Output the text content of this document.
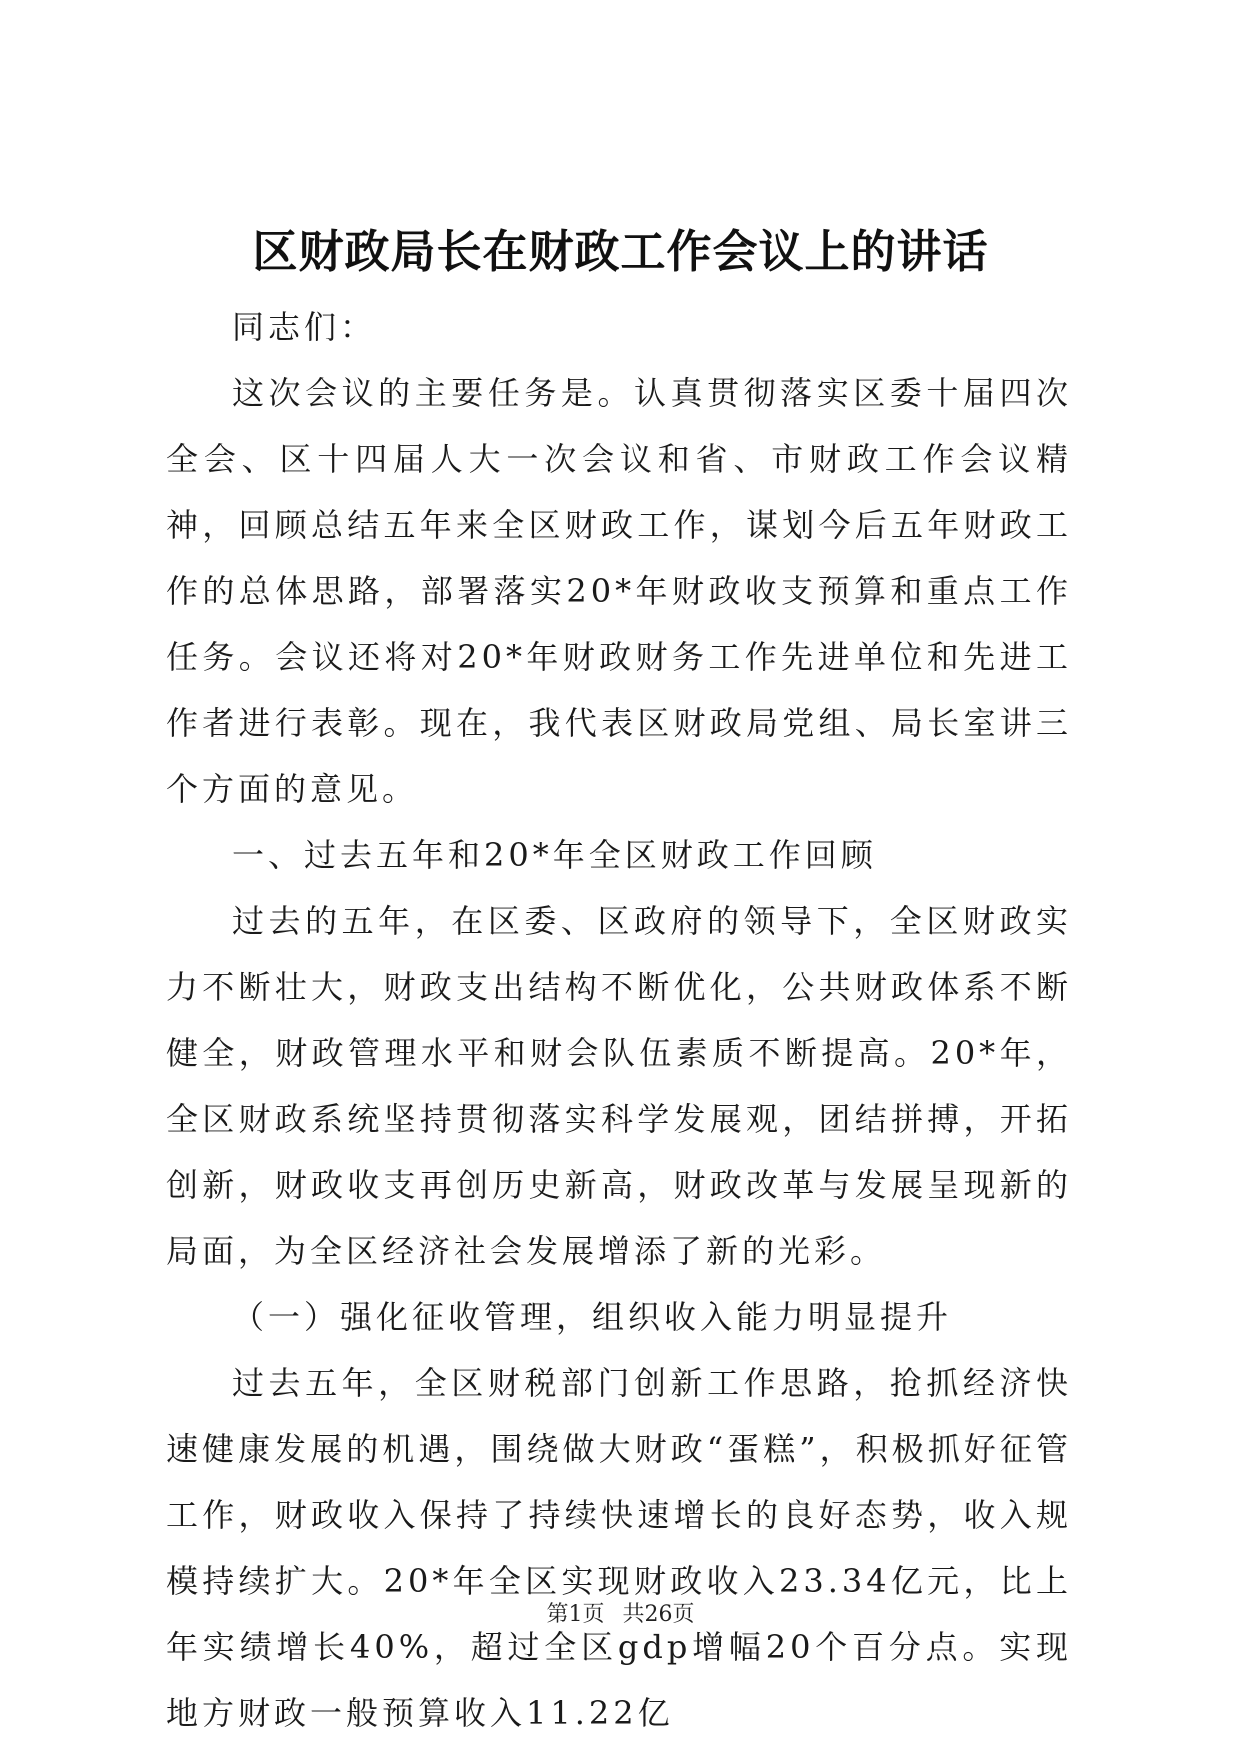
区财政局长在财政工作会议上的讲话

同志们：

这次会议的主要任务是。认真贯彻落实区委十届四次全会、区十四届人大一次会议和省、市财政工作会议精神，回顾总结五年来全区财政工作，谋划今后五年财政工作的总体思路，部署落实20*年财政收支预算和重点工作任务。会议还将对20*年财政财务工作先进单位和先进工作者进行表彰。现在，我代表区财政局党组、局长室讲三个方面的意见。

一、过去五年和20*年全区财政工作回顾

过去的五年，在区委、区政府的领导下，全区财政实力不断壮大，财政支出结构不断优化，公共财政体系不断健全，财政管理水平和财会队伍素质不断提高。20*年，全区财政系统坚持贯彻落实科学发展观，团结拼搏，开拓创新，财政收支再创历史新高，财政改革与发展呈现新的局面，为全区经济社会发展增添了新的光彩。

（一）强化征收管理，组织收入能力明显提升

过去五年，全区财税部门创新工作思路，抢抓经济快速健康发展的机遇，围绕做大财政“蛋糕”，积极抓好征管工作，财政收入保持了持续快速增长的良好态势，收入规模持续扩大。20*年全区实现财政收入23.34亿元，比上年实绩增长40%，超过全区gdp增幅20个百分点。实现地方财政一般预算收入11.22亿

第1页 共26页
